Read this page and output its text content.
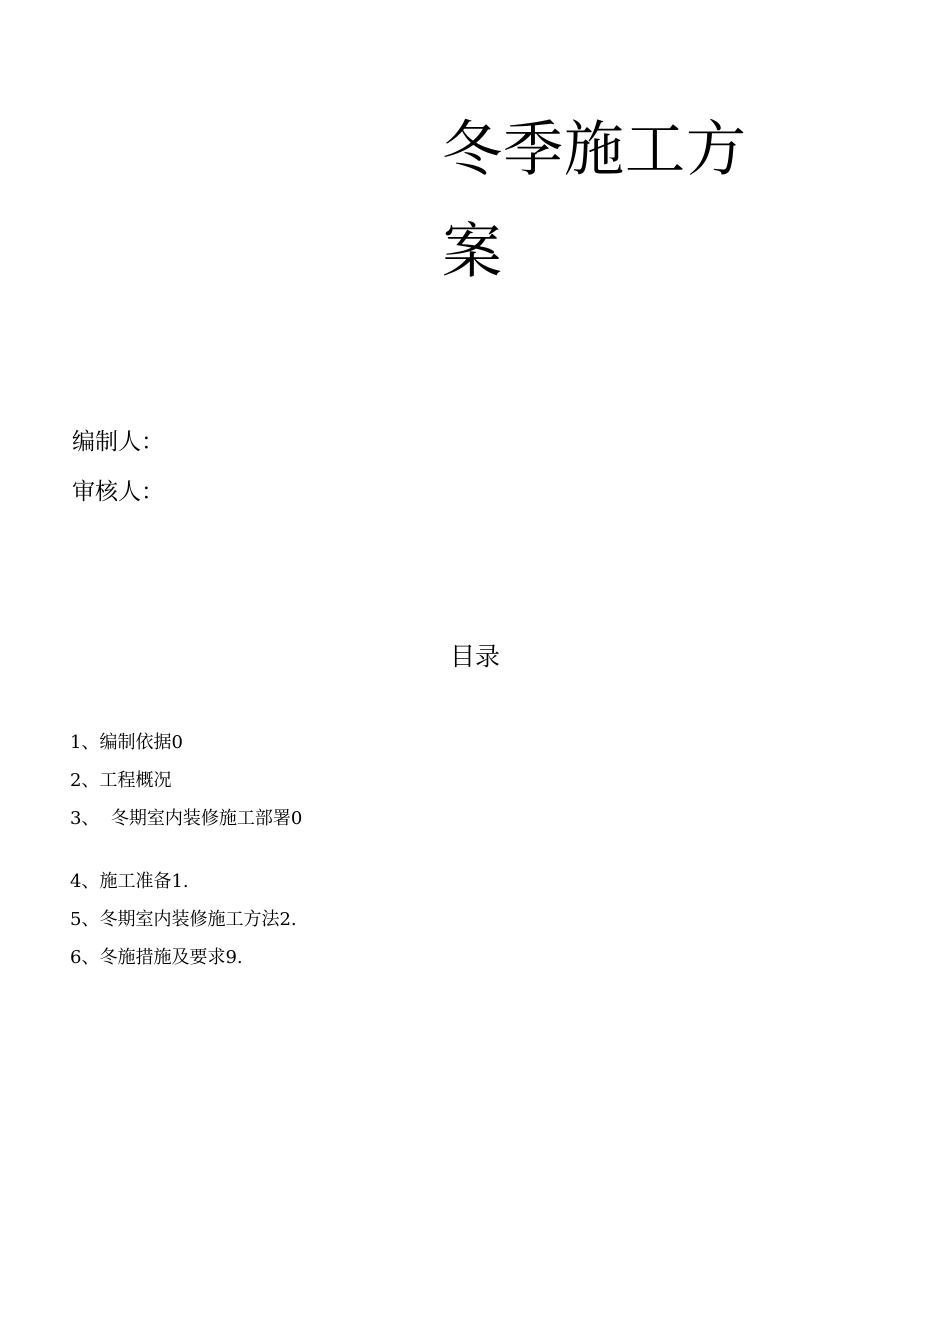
冬季施工方
案
编制人：
审核人：
目录
1、编制依据0
2、工程概况
3、  冬期室内装修施工部署0
4、施工准备1.
5、冬期室内装修施工方法2.
6、冬施措施及要求9.
